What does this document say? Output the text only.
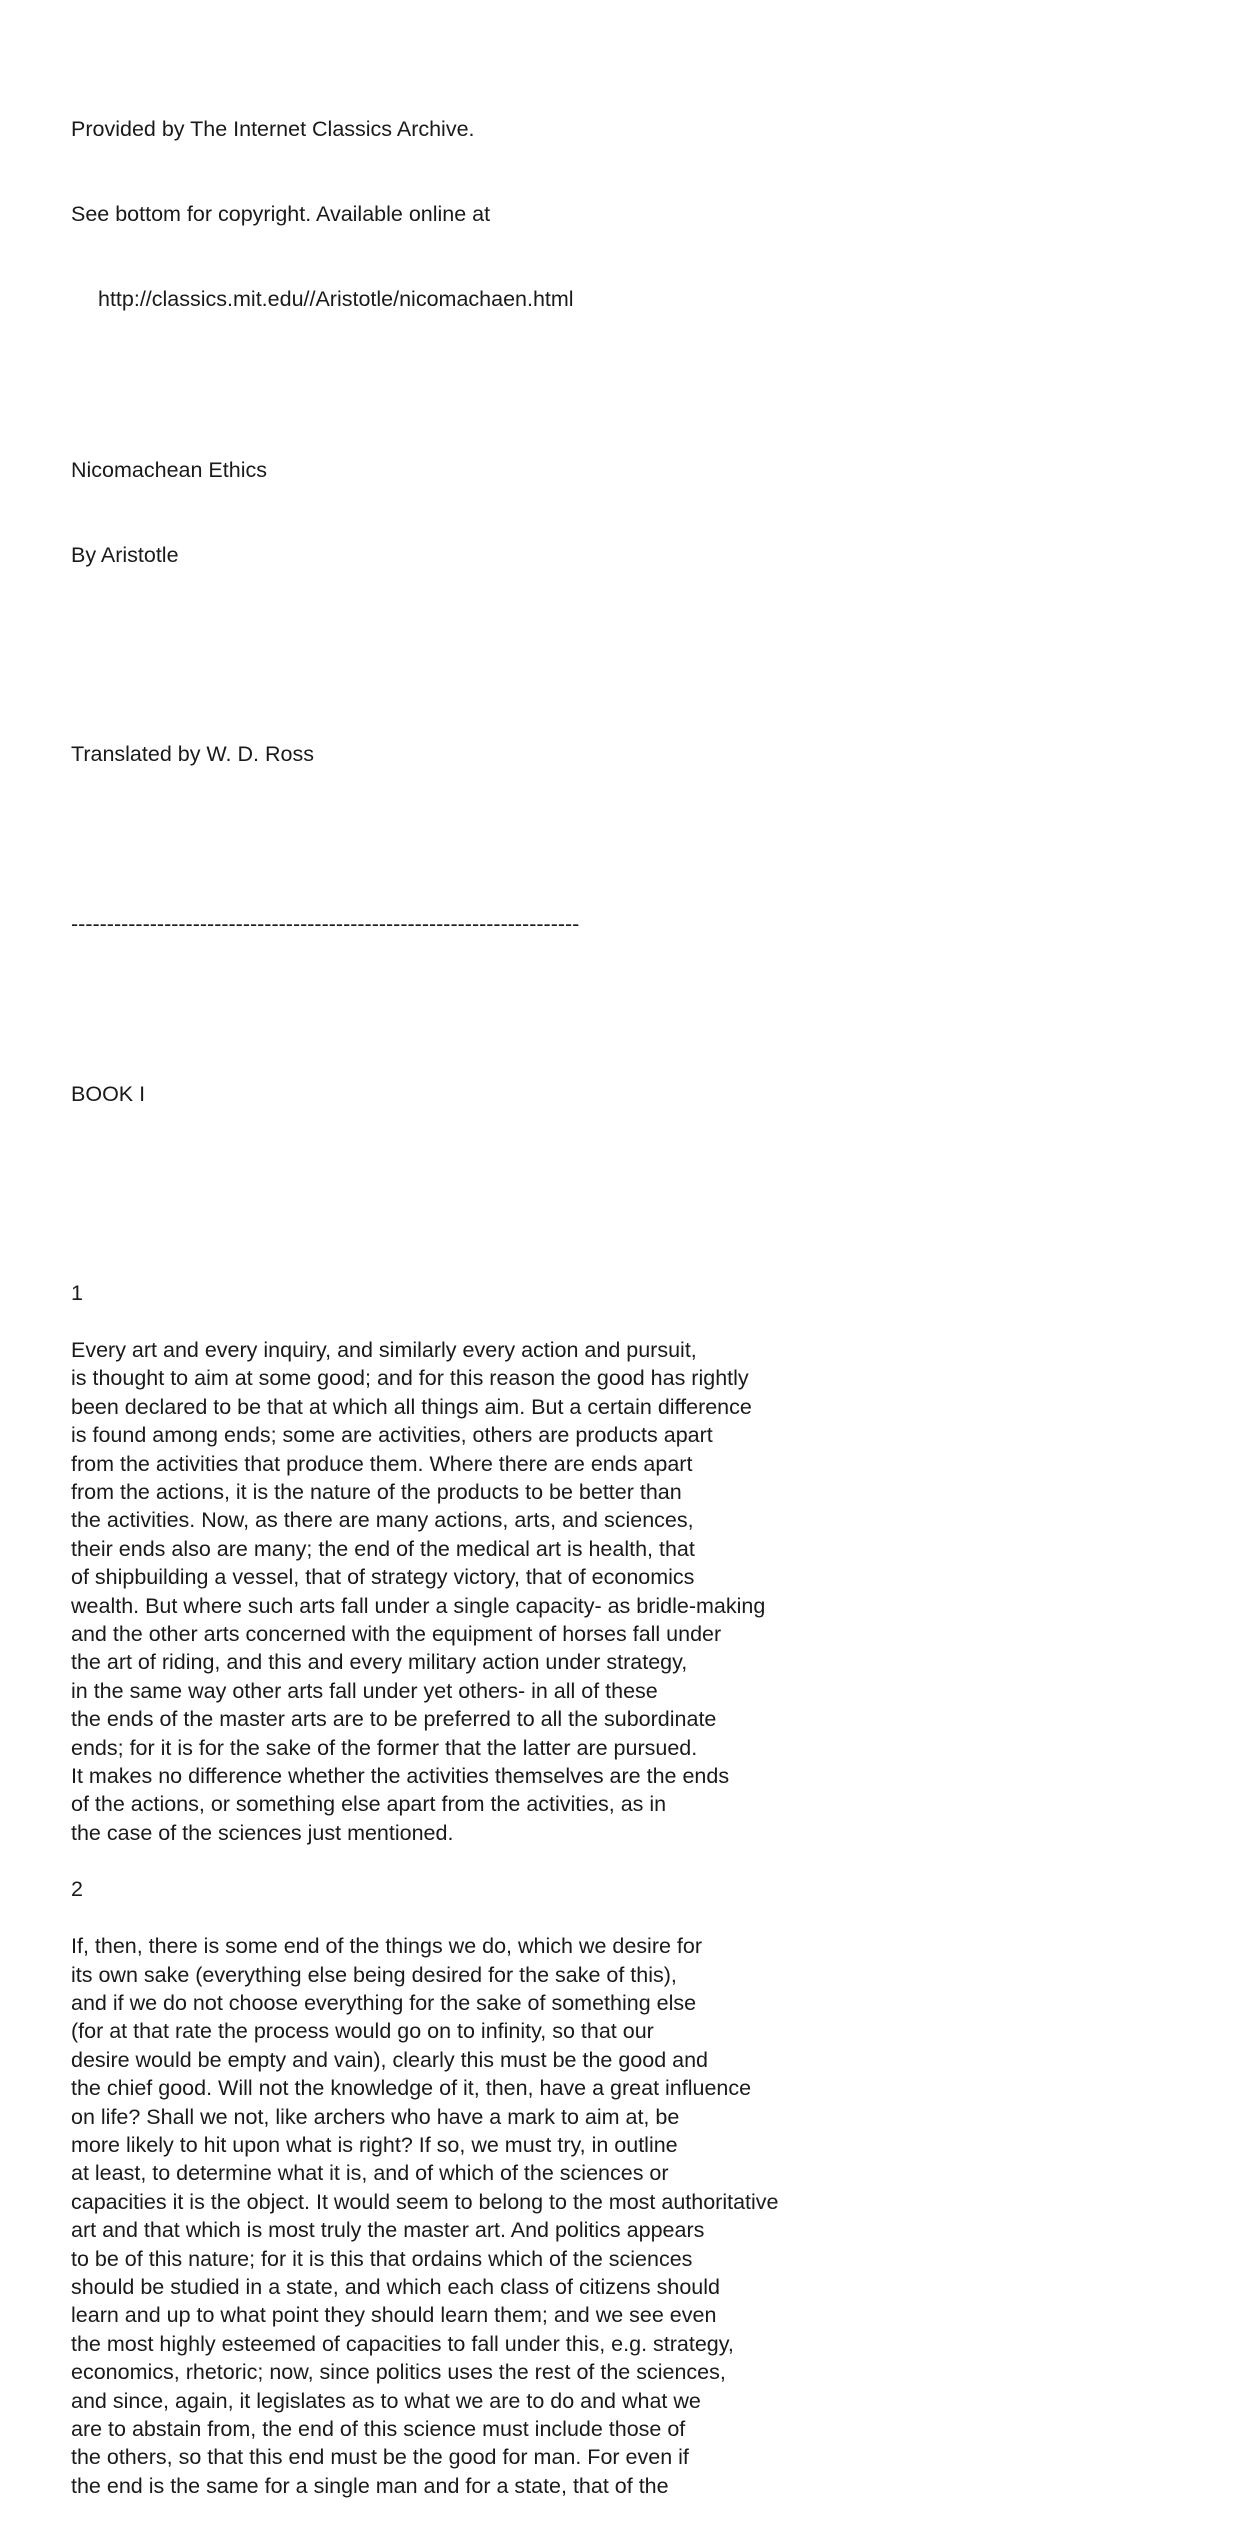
Provided by The Internet Classics Archive.

See bottom for copyright. Available online at

http://classics.mit.edu//Aristotle/nicomachaen.html

Nicomachean Ethics

By Aristotle

Translated by W. D. Ross

-----------------------------------------------------------------------

BOOK I

1
Every art and every inquiry, and similarly every action and pursuit,
is thought to aim at some good; and for this reason the good has rightly
been declared to be that at which all things aim. But a certain difference
is found among ends; some are activities, others are products apart
from the activities that produce them. Where there are ends apart
from the actions, it is the nature of the products to be better than
the activities. Now, as there are many actions, arts, and sciences,
their ends also are many; the end of the medical art is health, that
of shipbuilding a vessel, that of strategy victory, that of economics
wealth. But where such arts fall under a single capacity- as bridle-making
and the other arts concerned with the equipment of horses fall under
the art of riding, and this and every military action under strategy,
in the same way other arts fall under yet others- in all of these
the ends of the master arts are to be preferred to all the subordinate
ends; for it is for the sake of the former that the latter are pursued.
It makes no difference whether the activities themselves are the ends
of the actions, or something else apart from the activities, as in
the case of the sciences just mentioned.
2
If, then, there is some end of the things we do, which we desire for
its own sake (everything else being desired for the sake of this),
and if we do not choose everything for the sake of something else
(for at that rate the process would go on to infinity, so that our
desire would be empty and vain), clearly this must be the good and
the chief good. Will not the knowledge of it, then, have a great influence
on life? Shall we not, like archers who have a mark to aim at, be
more likely to hit upon what is right? If so, we must try, in outline
at least, to determine what it is, and of which of the sciences or
capacities it is the object. It would seem to belong to the most authoritative
art and that which is most truly the master art. And politics appears
to be of this nature; for it is this that ordains which of the sciences
should be studied in a state, and which each class of citizens should
learn and up to what point they should learn them; and we see even
the most highly esteemed of capacities to fall under this, e.g. strategy,
economics, rhetoric; now, since politics uses the rest of the sciences,
and since, again, it legislates as to what we are to do and what we
are to abstain from, the end of this science must include those of
the others, so that this end must be the good for man. For even if
the end is the same for a single man and for a state, that of the
